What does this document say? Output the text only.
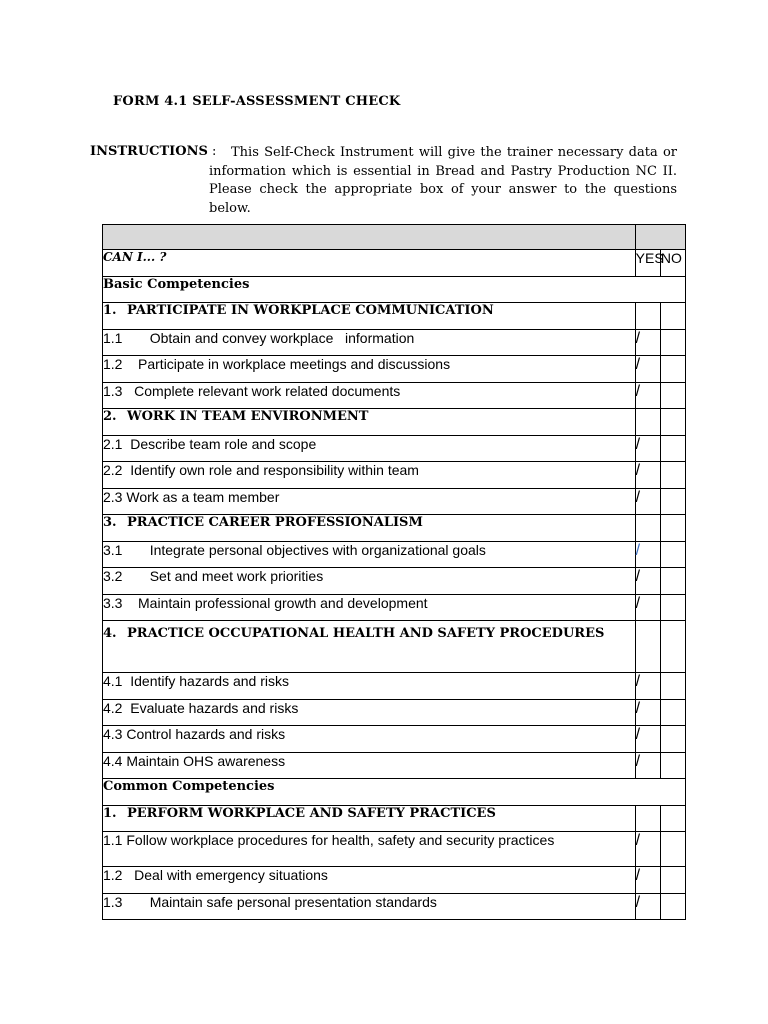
FORM 4.1 SELF-ASSESSMENT CHECK
INSTRUCTIONS :	This Self-Check Instrument will give the trainer necessary data or information which is essential in Bread and Pastry Production NC II. Please check the appropriate box of your answer to the questions below.

CAN I... ?	YES	NO
Basic Competencies		
1. PARTICIPATE IN WORKPLACE COMMUNICATION		
1.1       Obtain and convey workplace   information	/	
1.2    Participate in workplace meetings and discussions	/	
1.3   Complete relevant work related documents	/	
2. WORK IN TEAM ENVIRONMENT		
2.1  Describe team role and scope	/	
2.2  Identify own role and responsibility within team	/	
2.3 Work as a team member	/	
3. PRACTICE CAREER PROFESSIONALISM		
3.1       Integrate personal objectives with organizational goals	/	
3.2       Set and meet work priorities	/	
3.3    Maintain professional growth and development	/	
4. PRACTICE OCCUPATIONAL HEALTH AND SAFETY PROCEDURES		
4.1  Identify hazards and risks	/	
4.2  Evaluate hazards and risks	/	
4.3 Control hazards and risks	/	
4.4 Maintain OHS awareness	/	
Common Competencies		
1. PERFORM WORKPLACE AND SAFETY PRACTICES		
1.1 Follow workplace procedures for health, safety and security practices	/	
1.2   Deal with emergency situations	/	
1.3       Maintain safe personal presentation standards	/	
